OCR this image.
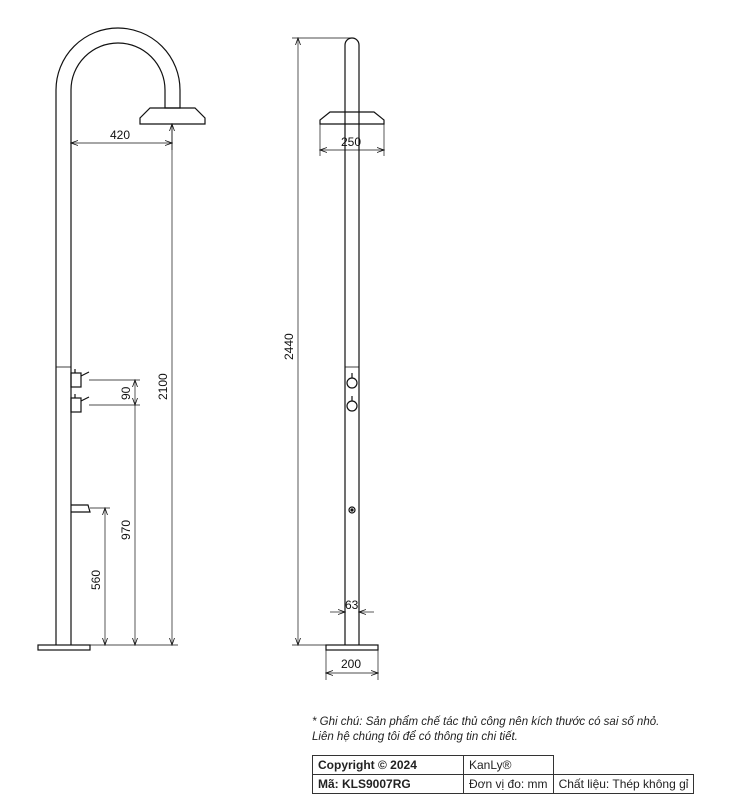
420
2100
90
970
560
250
2440
63
200
* Ghi chú: Sản phẩm chế tác thủ công nên kích thước có sai số nhỏ.
Liên hệ chúng tôi để có thông tin chi tiết.
Copyright © 2024	KanLy®	
Mã: KLS9007RG	Đơn vị đo: mm	Chất liệu: Thép không gỉ
